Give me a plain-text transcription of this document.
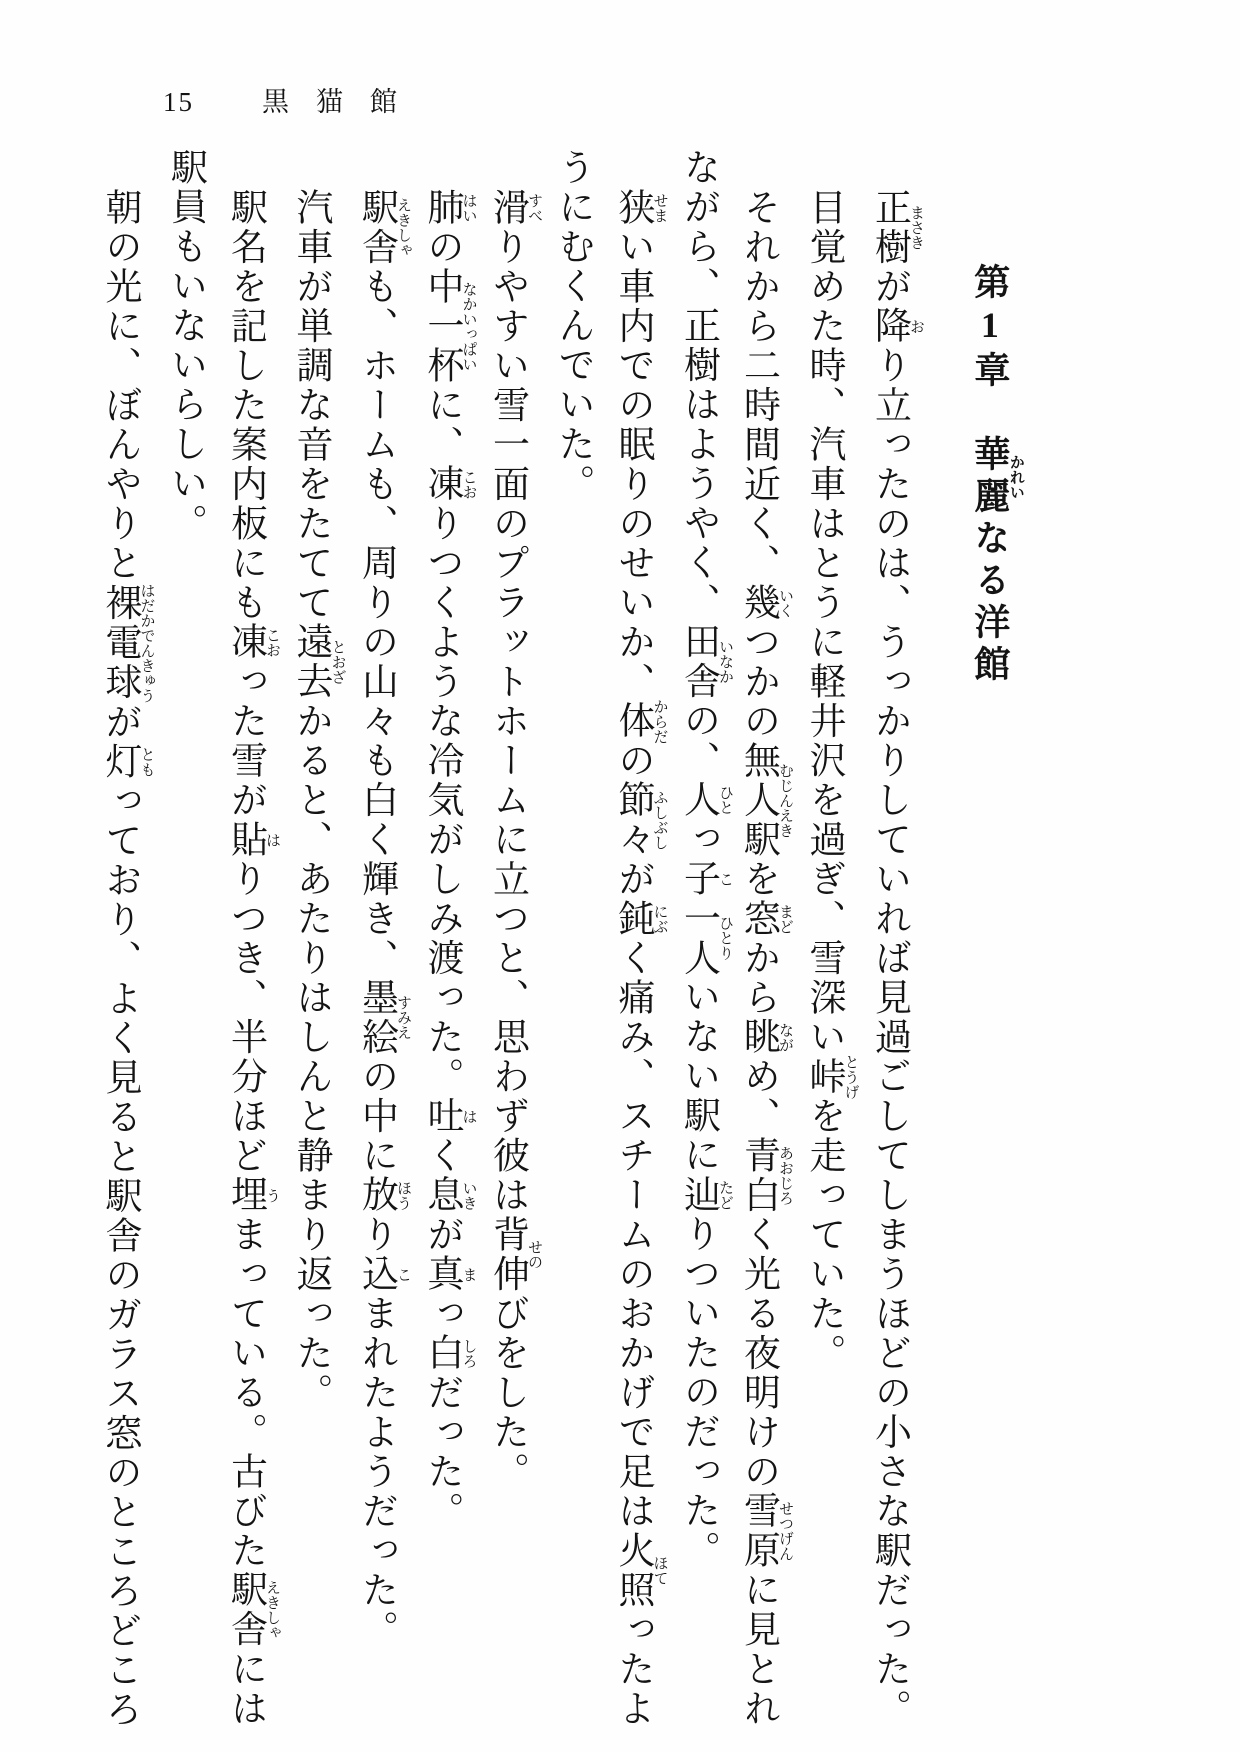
15	黒猫館
第1章　華麗かれいなる洋館

正樹まさきが降おり立ったのは、うっかりしていれば見過ごしてしまうほどの小さな駅だった。

目覚めた時、汽車はとうに軽井沢を過ぎ、雪深い峠とうげを走っていた。

それから二時間近く、幾いくつかの無人駅むじんえきを窓まどから眺ながめ、青白あおじろく光る夜明けの雪原せつげんに見とれながら、正樹はようやく、田舎いなかの、人ひとっ子こ一人ひとりいない駅に辿たどりついたのだった。

狭せまい車内での眠りのせいか、体からだの節々ふしぶしが鈍にぶく痛み、スチームのおかげで足は火照ほてったようにむくんでいた。

滑すべりやすい雪一面のプラットホームに立つと、思わず彼は背伸せのびをした。

肺はいの中一杯なかいっぱいに、凍こおりつくような冷気がしみ渡った。吐はく息いきが真まっ白しろだった。

駅舎えきしゃも、ホームも、周りの山々も白く輝き、墨絵すみえの中に放ほうり込こまれたようだった。

汽車が単調な音をたてて遠去とおざかると、あたりはしんと静まり返った。

駅名を記した案内板にも凍こおった雪が貼はりつき、半分ほど埋うまっている。古びた駅舎えきしゃには駅員もいないらしい。

朝の光に、ぼんやりと裸電球はだかでんきゅうが灯ともっており、よく見ると駅舎のガラス窓のところどころ
